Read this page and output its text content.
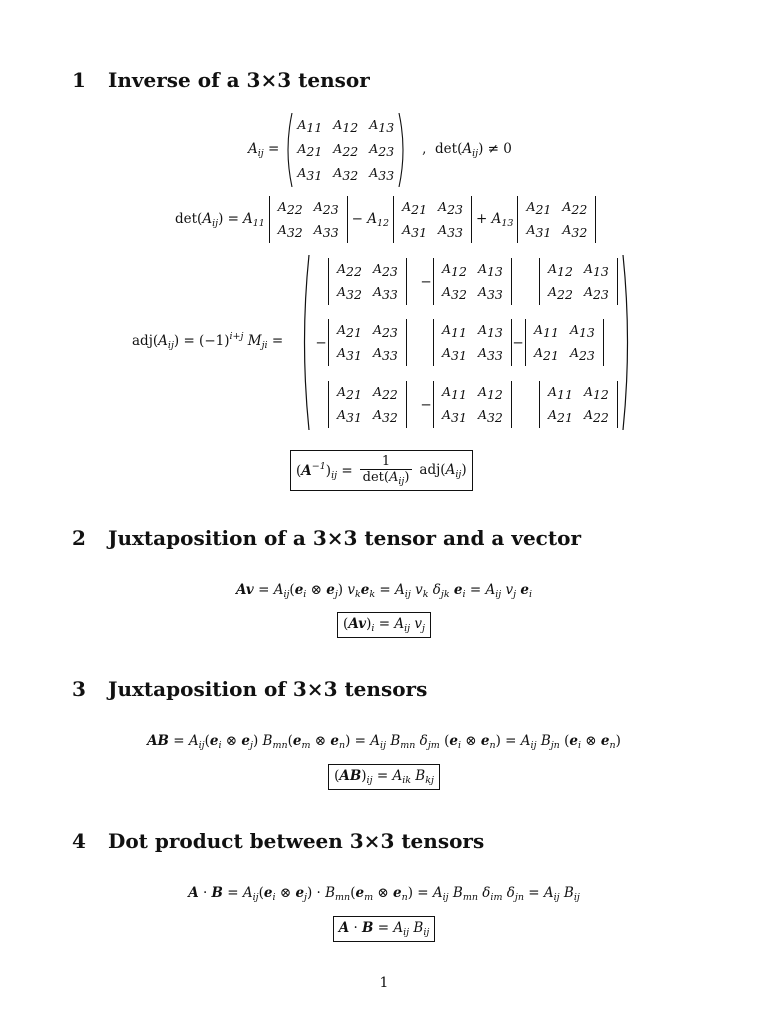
1 Inverse of a 3×3 tensor
$A_{ij}$ =
A11 A12 A13
A21 A22 A23
A31 A32 A33
,  $\det(A_{ij}) \ne 0$
$\det(A_{ij}) = A_{11}$
A22 A23
A32 A33
− $A_{12}$
A21 A23
A31 A33
+ $A_{13}$
A21 A22
A31 A32
$adj(A_{ij}) = (-1)^{i+j}$ $M_{ji}$ =
A22 A23
A32 A33
−
A12 A13
A32 A33
A12 A13
A22 A23
−
A21 A23
A31 A33
A11 A13
A31 A33
−
A11 A13
A21 A23
A21 A22
A31 A32
−
A11 A12
A31 A32
A11 A12
A21 A22
$(A^{-1})_{ij} = \frac{1}{\det(A_{ij})} adj(A_{ij})$
2 Juxtaposition of a 3×3 tensor and a vector
$Av = A_{ij}(e_i$ ⊗ $e_j$) $v_ke_k = A_{ij}$ $v_k$ $\delta_{jk}$ $e_i = A_{ij}$ $v_j$ $e_i$
$(Av)_i = A_{ij}$ $v_j$
3 Juxtaposition of 3×3 tensors
AB = $A_{ij}(e_i$ ⊗ $e_j$) $B_{mn}(e_m$ ⊗ $e_n) = A_{ij}$ $B_{mn}$ $\delta_{jm}$ ($e_i$ ⊗ $e_n) = A_{ij}$ $B_{jn}$ ($e_i$ ⊗ $e_n$)
$(AB)_{ij} = A_{ik}$ $B_{kj}$
4 Dot product between 3×3 tensors
$A \cdot B = A_{ij}(e_i$ ⊗ $e_j) \cdot B_{mn}(e_m$ ⊗ $e_n) = A_{ij}$ $B_{mn}$ $\delta_{im}$ $\delta_{jn} = A_{ij}$ $B_{ij}$
$A \cdot B = A_{ij}$ $B_{ij}$
1
